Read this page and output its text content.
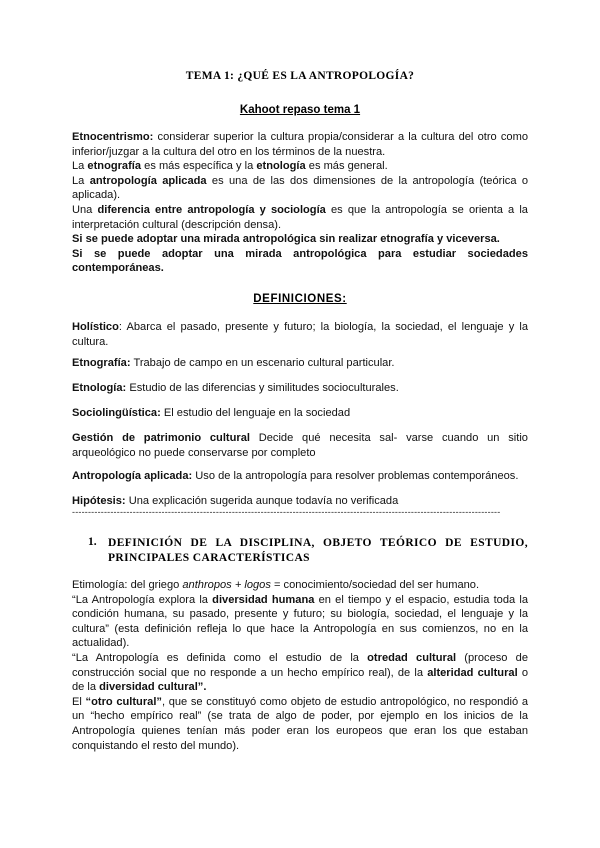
TEMA 1: ¿QUÉ ES LA ANTROPOLOGÍA?
Kahoot repaso tema 1

Etnocentrismo: considerar superior la cultura propia/considerar a la cultura del otro como inferior/juzgar a la cultura del otro en los términos de la nuestra.

La etnografía es más específica y la etnología es más general.

La antropología aplicada es una de las dos dimensiones de la antropología (teórica o aplicada).

Una diferencia entre antropología y sociología es que la antropología se orienta a la interpretación cultural (descripción densa).

Si se puede adoptar una mirada antropológica sin realizar etnografía y viceversa.

Si se puede adoptar una mirada antropológica para estudiar sociedades contemporáneas.

DEFINICIONES:
Holístico: Abarca el pasado, presente y futuro; la biología, la sociedad, el lenguaje y la cultura.
Etnografía: Trabajo de campo en un escenario cultural particular.
Etnología: Estudio de las diferencias y similitudes socioculturales.
Sociolingüística: El estudio del lenguaje en la sociedad
Gestión de patrimonio cultural Decide qué necesita sal- varse cuando un sitio arqueológico no puede conservarse por completo
Antropología aplicada: Uso de la antropología para resolver problemas contemporáneos.
Hipótesis: Una explicación sugerida aunque todavía no verificada
--------------------------------------------------------------------------------------------------------------------------------------
1. DEFINICIÓN DE LA DISCIPLINA, OBJETO TEÓRICO DE ESTUDIO, PRINCIPALES CARACTERÍSTICAS

Etimología: del griego anthropos + logos = conocimiento/sociedad del ser humano.

“La Antropología explora la diversidad humana en el tiempo y el espacio, estudia toda la condición humana, su pasado, presente y futuro; su biología, sociedad, el lenguaje y la cultura” (esta definición refleja lo que hace la Antropología en sus comienzos, no en la actualidad).

“La Antropología es definida como el estudio de la otredad cultural (proceso de construcción social que no responde a un hecho empírico real), de la alteridad cultural o de la diversidad cultural”.

El “otro cultural”, que se constituyó como objeto de estudio antropológico, no respondió a un “hecho empírico real” (se trata de algo de poder, por ejemplo en los inicios de la Antropología quienes tenían más poder eran los europeos que eran los que estaban conquistando el resto del mundo).
